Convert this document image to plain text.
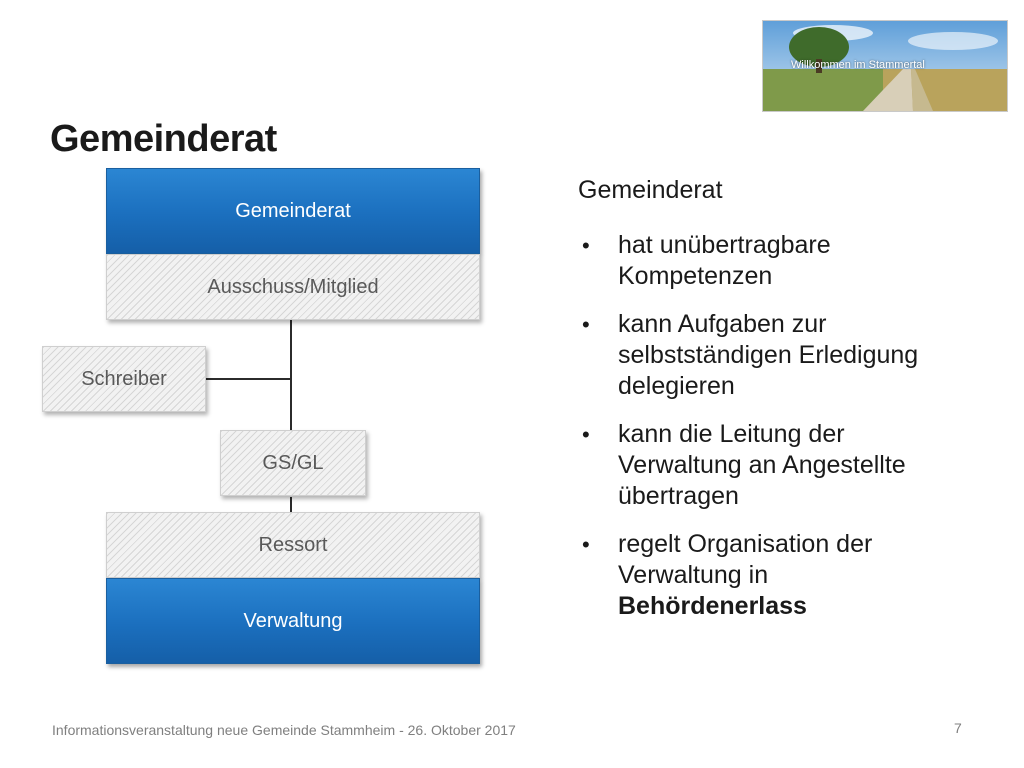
Willkommen im Stammertal
Gemeinderat
Gemeinderat
Ausschuss/Mitglied
Schreiber
GS/GL
Ressort
Verwaltung
Gemeinderat
• hat unübertragbare Kompetenzen
• kann Aufgaben zur selbstständigen Erledigung delegieren
• kann die Leitung der Verwaltung an Angestellte übertragen
• regelt Organisation der Verwaltung in Behördenerlass
Informationsveranstaltung neue Gemeinde Stammheim - 26. Oktober 2017	7
